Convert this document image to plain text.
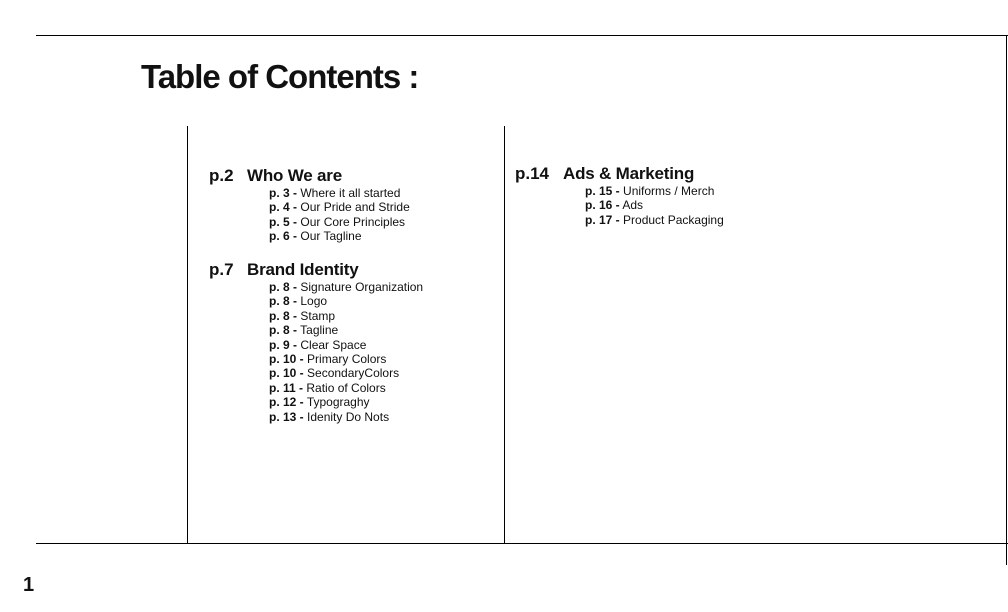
Table of Contents :
p.2 Who We are
p. 3 - Where it all started
p. 4 - Our Pride and Stride
p. 5 - Our Core Principles
p. 6 - Our Tagline
p.7 Brand Identity
p. 8 - Signature Organization
p. 8 - Logo
p. 8 - Stamp
p. 8 - Tagline
p. 9 - Clear Space
p. 10 - Primary Colors
p. 10 - SecondaryColors
p. 11 - Ratio of Colors
p. 12 - Typograghy
p. 13 - Idenity Do Nots
p.14 Ads & Marketing
p. 15 - Uniforms / Merch
p. 16 - Ads
p. 17 - Product Packaging
1
